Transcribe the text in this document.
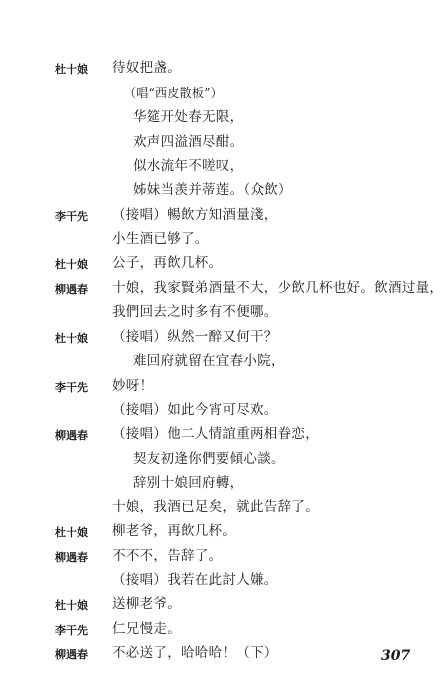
杜十娘 待奴把盏。
（唱“西皮散板”）
华筵开处春无限，
欢声四溢酒尽酣。
似水流年不嗟叹，
姊妹当羡并蒂莲。（众飲）
李干先 （接唱）暢飲方知酒量淺，
小生酒已够了。
杜十娘 公子，再飲几杯。
柳遇春 十娘，我家賢弟酒量不大，少飲几杯也好。飲酒过量，
我們回去之时多有不便哪。
杜十娘 （接唱）纵然一醉又何干？
难回府就留在宜春小院，
李干先 妙呀！
（接唱）如此今宵可尽欢。
柳遇春 （接唱）他二人情誼重两相眷恋，
契友初逢你們要傾心談。
辞别十娘回府轉，
十娘，我酒已足矣，就此告辞了。
杜十娘 柳老爷，再飲几杯。
柳遇春 不不不，告辞了。
（接唱）我若在此討人嫌。
杜十娘 送柳老爷。
李干先 仁兄慢走。
柳遇春 不必送了，哈哈哈！（下）	307
